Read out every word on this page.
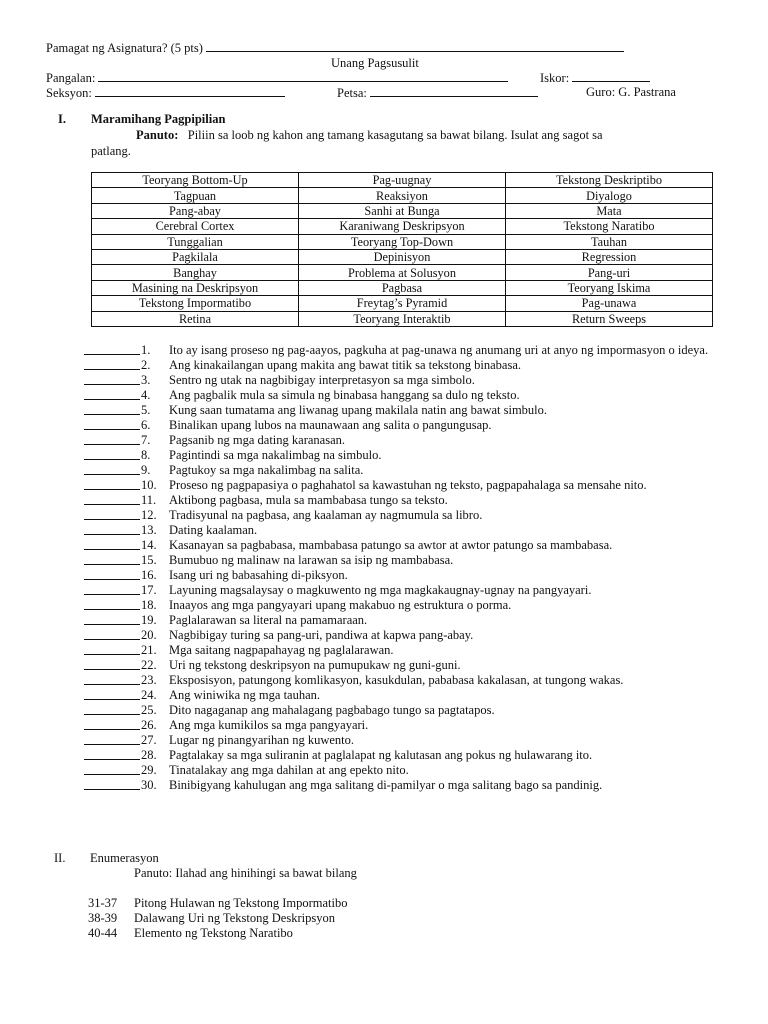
Pamagat ng Asignatura? (5 pts)
Unang Pagsusulit
Pangalan:	Iskor:
Seksyon:	Petsa:	Guro: G. Pastrana
I. Maramihang Pagpipilian
Panuto: Piliin sa loob ng kahon ang tamang kasagutang sa bawat bilang. Isulat ang sagot sa
patlang.
Teoryang Bottom-Up	Pag-uugnay	Tekstong Deskriptibo
Tagpuan	Reaksiyon	Diyalogo
Pang-abay	Sanhi at Bunga	Mata
Cerebral Cortex	Karaniwang Deskripsyon	Tekstong Naratibo
Tunggalian	Teoryang Top-Down	Tauhan
Pagkilala	Depinisyon	Regression
Banghay	Problema at Solusyon	Pang-uri
Masining na Deskripsyon	Pagbasa	Teoryang Iskima
Tekstong Impormatibo	Freytag’s Pyramid	Pag-unawa
Retina	Teoryang Interaktib	Return Sweeps
1.	Ito ay isang proseso ng pag-aayos, pagkuha at pag-unawa ng anumang uri at anyo ng impormasyon o ideya.
2.	Ang kinakailangan upang makita ang bawat titik sa tekstong binabasa.
3.	Sentro ng utak na nagbibigay interpretasyon sa mga simbolo.
4.	Ang pagbalik mula sa simula ng binabasa hanggang sa dulo ng teksto.
5.	Kung saan tumatama ang liwanag upang makilala natin ang bawat simbulo.
6.	Binalikan upang lubos na maunawaan ang salita o pangungusap.
7.	Pagsanib ng mga dating karanasan.
8.	Pagintindi sa mga nakalimbag na simbulo.
9.	Pagtukoy sa mga nakalimbag na salita.
10. Proseso ng pagpapasiya o paghahatol sa kawastuhan ng teksto, pagpapahalaga sa mensahe nito.
11.	Aktibong pagbasa, mula sa mambabasa tungo sa teksto.
12. Tradisyunal na pagbasa, ang kaalaman ay nagmumula sa libro.
13. Dating kaalaman.
14. Kasanayan sa pagbabasa, mambabasa patungo sa awtor at awtor patungo sa mambabasa.
15. Bumubuo ng malinaw na larawan sa isip ng mambabasa.
16. Isang uri ng babasahing di-piksyon.
17. Layuning magsalaysay o magkuwento ng mga magkakaugnay-ugnay na pangyayari.
18. Inaayos ang mga pangyayari upang makabuo ng estruktura o porma.
19. Paglalarawan sa literal na pamamaraan.
20. Nagbibigay turing sa pang-uri, pandiwa at kapwa pang-abay.
21. Mga saitang nagpapahayag ng paglalarawan.
22. Uri ng tekstong deskripsyon na pumupukaw ng guni-guni.
23. Eksposisyon, patungong komlikasyon, kasukdulan, pababasa kakalasan, at tungong wakas.
24. Ang winiwika ng mga tauhan.
25. Dito nagaganap ang mahalagang pagbabago tungo sa pagtatapos.
26. Ang mga kumikilos sa mga pangyayari.
27. Lugar ng pinangyarihan ng kuwento.
28. Pagtalakay sa mga suliranin at paglalapat ng kalutasan ang pokus ng hulawarang ito.
29. Tinatalakay ang mga dahilan at ang epekto nito.
30. Binibigyang kahulugan ang mga salitang di-pamilyar o mga salitang bago sa pandinig.
II. Enumerasyon
Panuto: Ilahad ang hinihingi sa bawat bilang
31-37	Pitong Hulawan ng Tekstong Impormatibo
38-39	Dalawang Uri ng Tekstong Deskripsyon
40-44	Elemento ng Tekstong Naratibo
